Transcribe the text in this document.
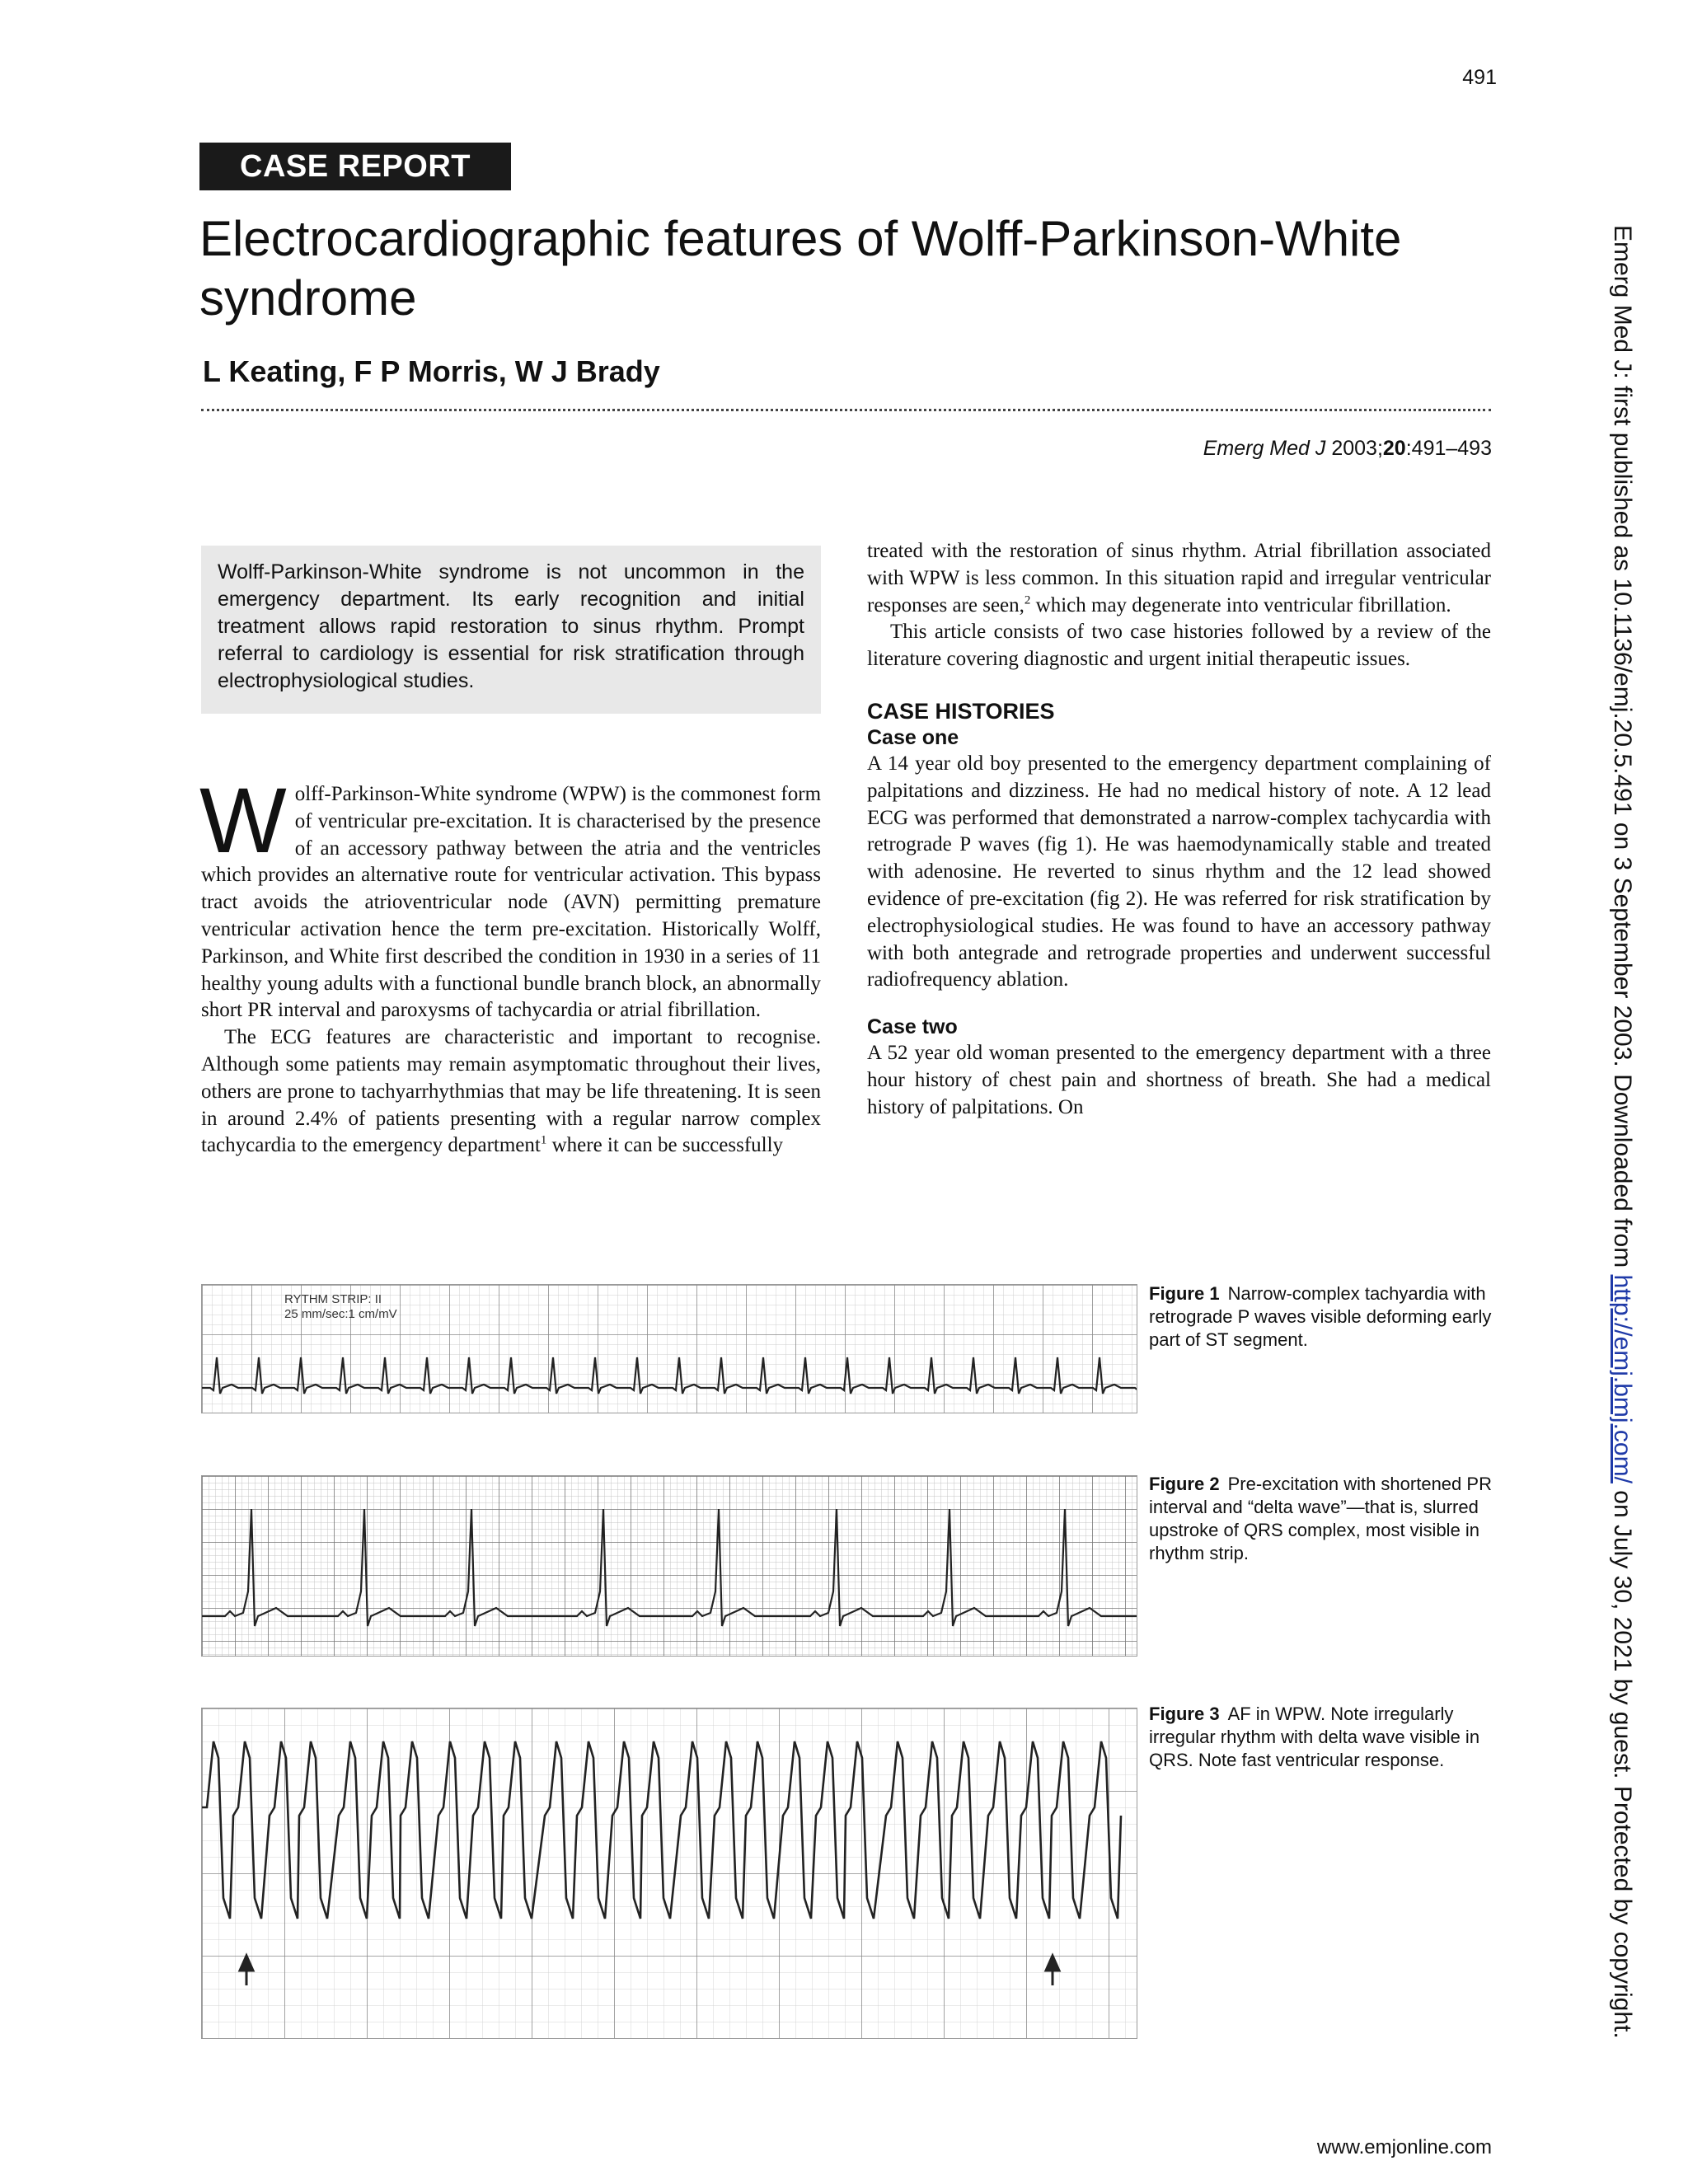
491
CASE REPORT
Electrocardiographic features of Wolff-Parkinson-White syndrome
L Keating, F P Morris, W J Brady
Emerg Med J 2003;20:491–493

Wolff-Parkinson-White syndrome is not uncommon in the emergency department. Its early recognition and initial treatment allows rapid restoration to sinus rhythm. Prompt referral to cardiology is essential for risk stratification through electrophysiological studies.

Wolff-Parkinson-White syndrome (WPW) is the commonest form of ventricular pre-excitation. It is characterised by the presence of an accessory pathway between the atria and the ventricles which provides an alternative route for ventricular activation. This bypass tract avoids the atrioventricular node (AVN) permitting premature ventricular activation hence the term pre-excitation. Historically Wolff, Parkinson, and White first described the condition in 1930 in a series of 11 healthy young adults with a functional bundle branch block, an abnormally short PR interval and paroxysms of tachycardia or atrial fibrillation.

The ECG features are characteristic and important to recognise. Although some patients may remain asymptomatic throughout their lives, others are prone to tachyarrhythmias that may be life threatening. It is seen in around 2.4% of patients presenting with a regular narrow complex tachycardia to the emergency department$^1$ where it can be successfully

treated with the restoration of sinus rhythm. Atrial fibrillation associated with WPW is less common. In this situation rapid and irregular ventricular responses are seen,$^2$ which may degenerate into ventricular fibrillation.

This article consists of two case histories followed by a review of the literature covering diagnostic and urgent initial therapeutic issues.

CASE HISTORIES

Case one

A 14 year old boy presented to the emergency department complaining of palpitations and dizziness. He had no medical history of note. A 12 lead ECG was performed that demonstrated a narrow-complex tachycardia with retrograde P waves (fig 1). He was haemodynamically stable and treated with adenosine. He reverted to sinus rhythm and the 12 lead showed evidence of pre-excitation (fig 2). He was referred for risk stratification by electrophysiological studies. He was found to have an accessory pathway with both antegrade and retrograde properties and underwent successful radiofrequency ablation.

Case two

A 52 year old woman presented to the emergency department with a three hour history of chest pain and shortness of breath. She had a medical history of palpitations. On

RYTHM STRIP: II
25 mm/sec:1 cm/mV
Figure 1 Narrow-complex tachyardia with retrograde P waves visible deforming early part of ST segment.
Figure 2 Pre-excitation with shortened PR interval and “delta wave”—that is, slurred upstroke of QRS complex, most visible in rhythm strip.
Figure 3 AF in WPW. Note irregularly irregular rhythm with delta wave visible in QRS. Note fast ventricular response.
Emerg Med J: first published as 10.1136/emj.20.5.491 on 3 September 2003. Downloaded from http://emj.bmj.com/ on July 30, 2021 by guest. Protected by copyright.
www.emjonline.com
